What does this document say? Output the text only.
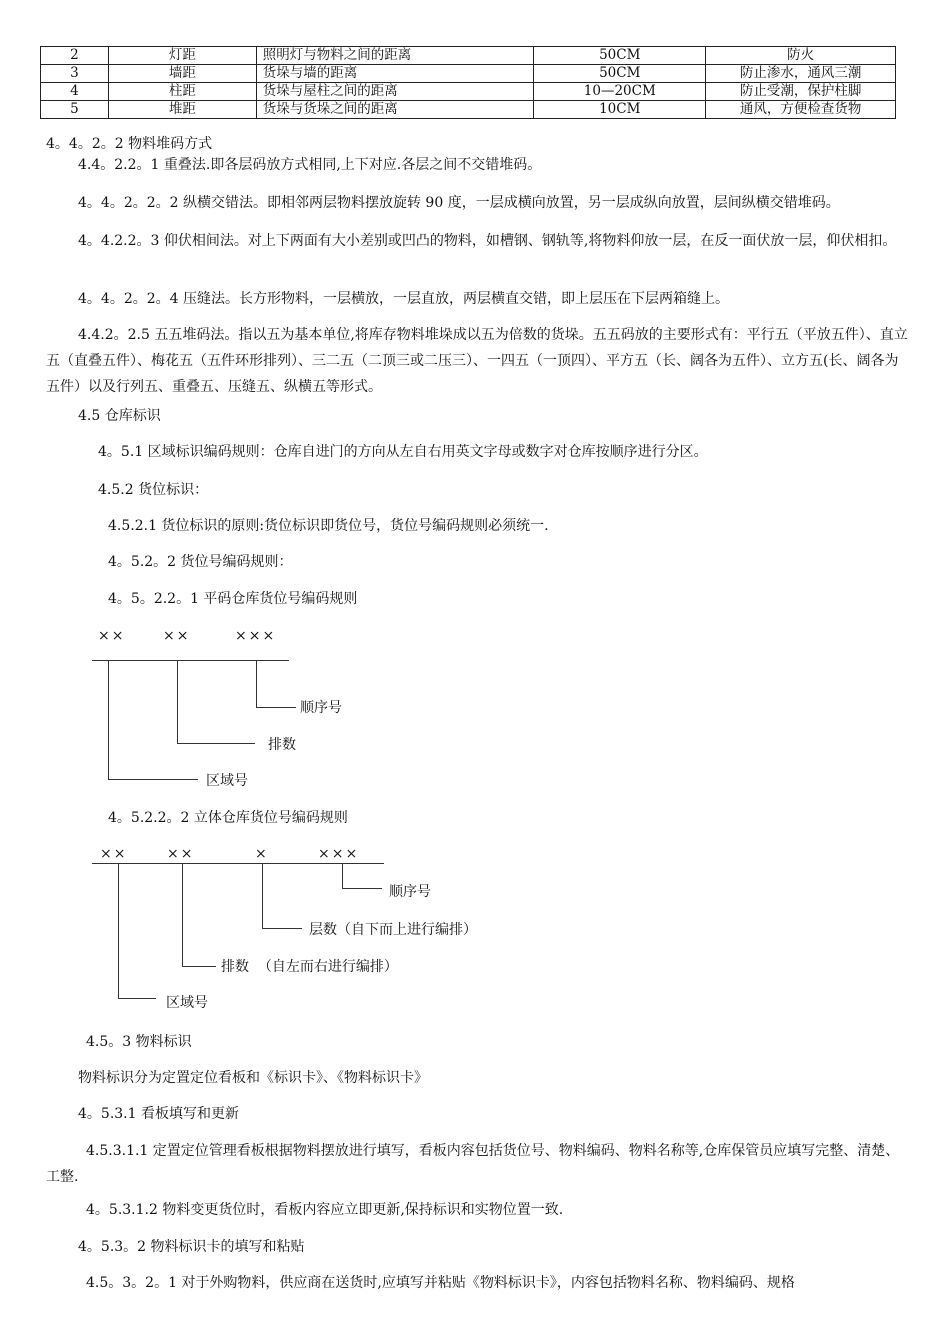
2	灯距	照明灯与物料之间的距离	50CM	防火
3	墙距	货垛与墙的距离	50CM	防止渗水，通风三潮
4	柱距	货垛与屋柱之间的距离	10—20CM	防止受潮，保护柱脚
5	堆距	货垛与货垛之间的距离	10CM	通风，方便检查货物
4。4。2。2 物料堆码方式
4.4。2.2。1 重叠法.即各层码放方式相同,上下对应.各层之间不交错堆码。
4。4。2。2。2 纵横交错法。即相邻两层物料摆放旋转 90 度，一层成横向放置，另一层成纵向放置，层间纵横交错堆码。
4。4.2.2。3 仰伏相间法。对上下两面有大小差别或凹凸的物料，如槽钢、钢轨等,将物料仰放一层，在反一面伏放一层，仰伏相扣。
4。4。2。2。4 压缝法。长方形物料，一层横放，一层直放，两层横直交错，即上层压在下层两箱缝上。
4.4.2。2.5 五五堆码法。指以五为基本单位,将库存物料堆垛成以五为倍数的货垛。五五码放的主要形式有：平行五（平放五件）、直立五（直叠五件）、梅花五（五件环形排列）、三二五（二顶三或二压三）、一四五（一顶四）、平方五（长、阔各为五件）、立方五(长、阔各为五件）以及行列五、重叠五、压缝五、纵横五等形式。
4.5 仓库标识
4。5.1 区域标识编码规则：仓库自进门的方向从左自右用英文字母或数字对仓库按顺序进行分区。
4.5.2 货位标识：
4.5.2.1 货位标识的原则:货位标识即货位号，货位号编码规则必须统一.
4。5.2。2 货位号编码规则：
4。5。2.2。1 平码仓库货位号编码规则
××	××	×××
顺序号
排数
区域号
4。5.2.2。2 立体仓库货位号编码规则
××	××	×	×××
顺序号
层数（自下而上进行编排）
排数  （自左而右进行编排）
区域号
4.5。3 物料标识
物料标识分为定置定位看板和《标识卡》、《物料标识卡》
4。5.3.1 看板填写和更新
4.5.3.1.1 定置定位管理看板根据物料摆放进行填写，看板内容包括货位号、物料编码、物料名称等,仓库保管员应填写完整、清楚、工整.
4。5.3.1.2 物料变更货位时，看板内容应立即更新,保持标识和实物位置一致.
4。5.3。2 物料标识卡的填写和粘贴
4.5。3。2。1 对于外购物料，供应商在送货时,应填写并粘贴《物料标识卡》，内容包括物料名称、物料编码、规格
